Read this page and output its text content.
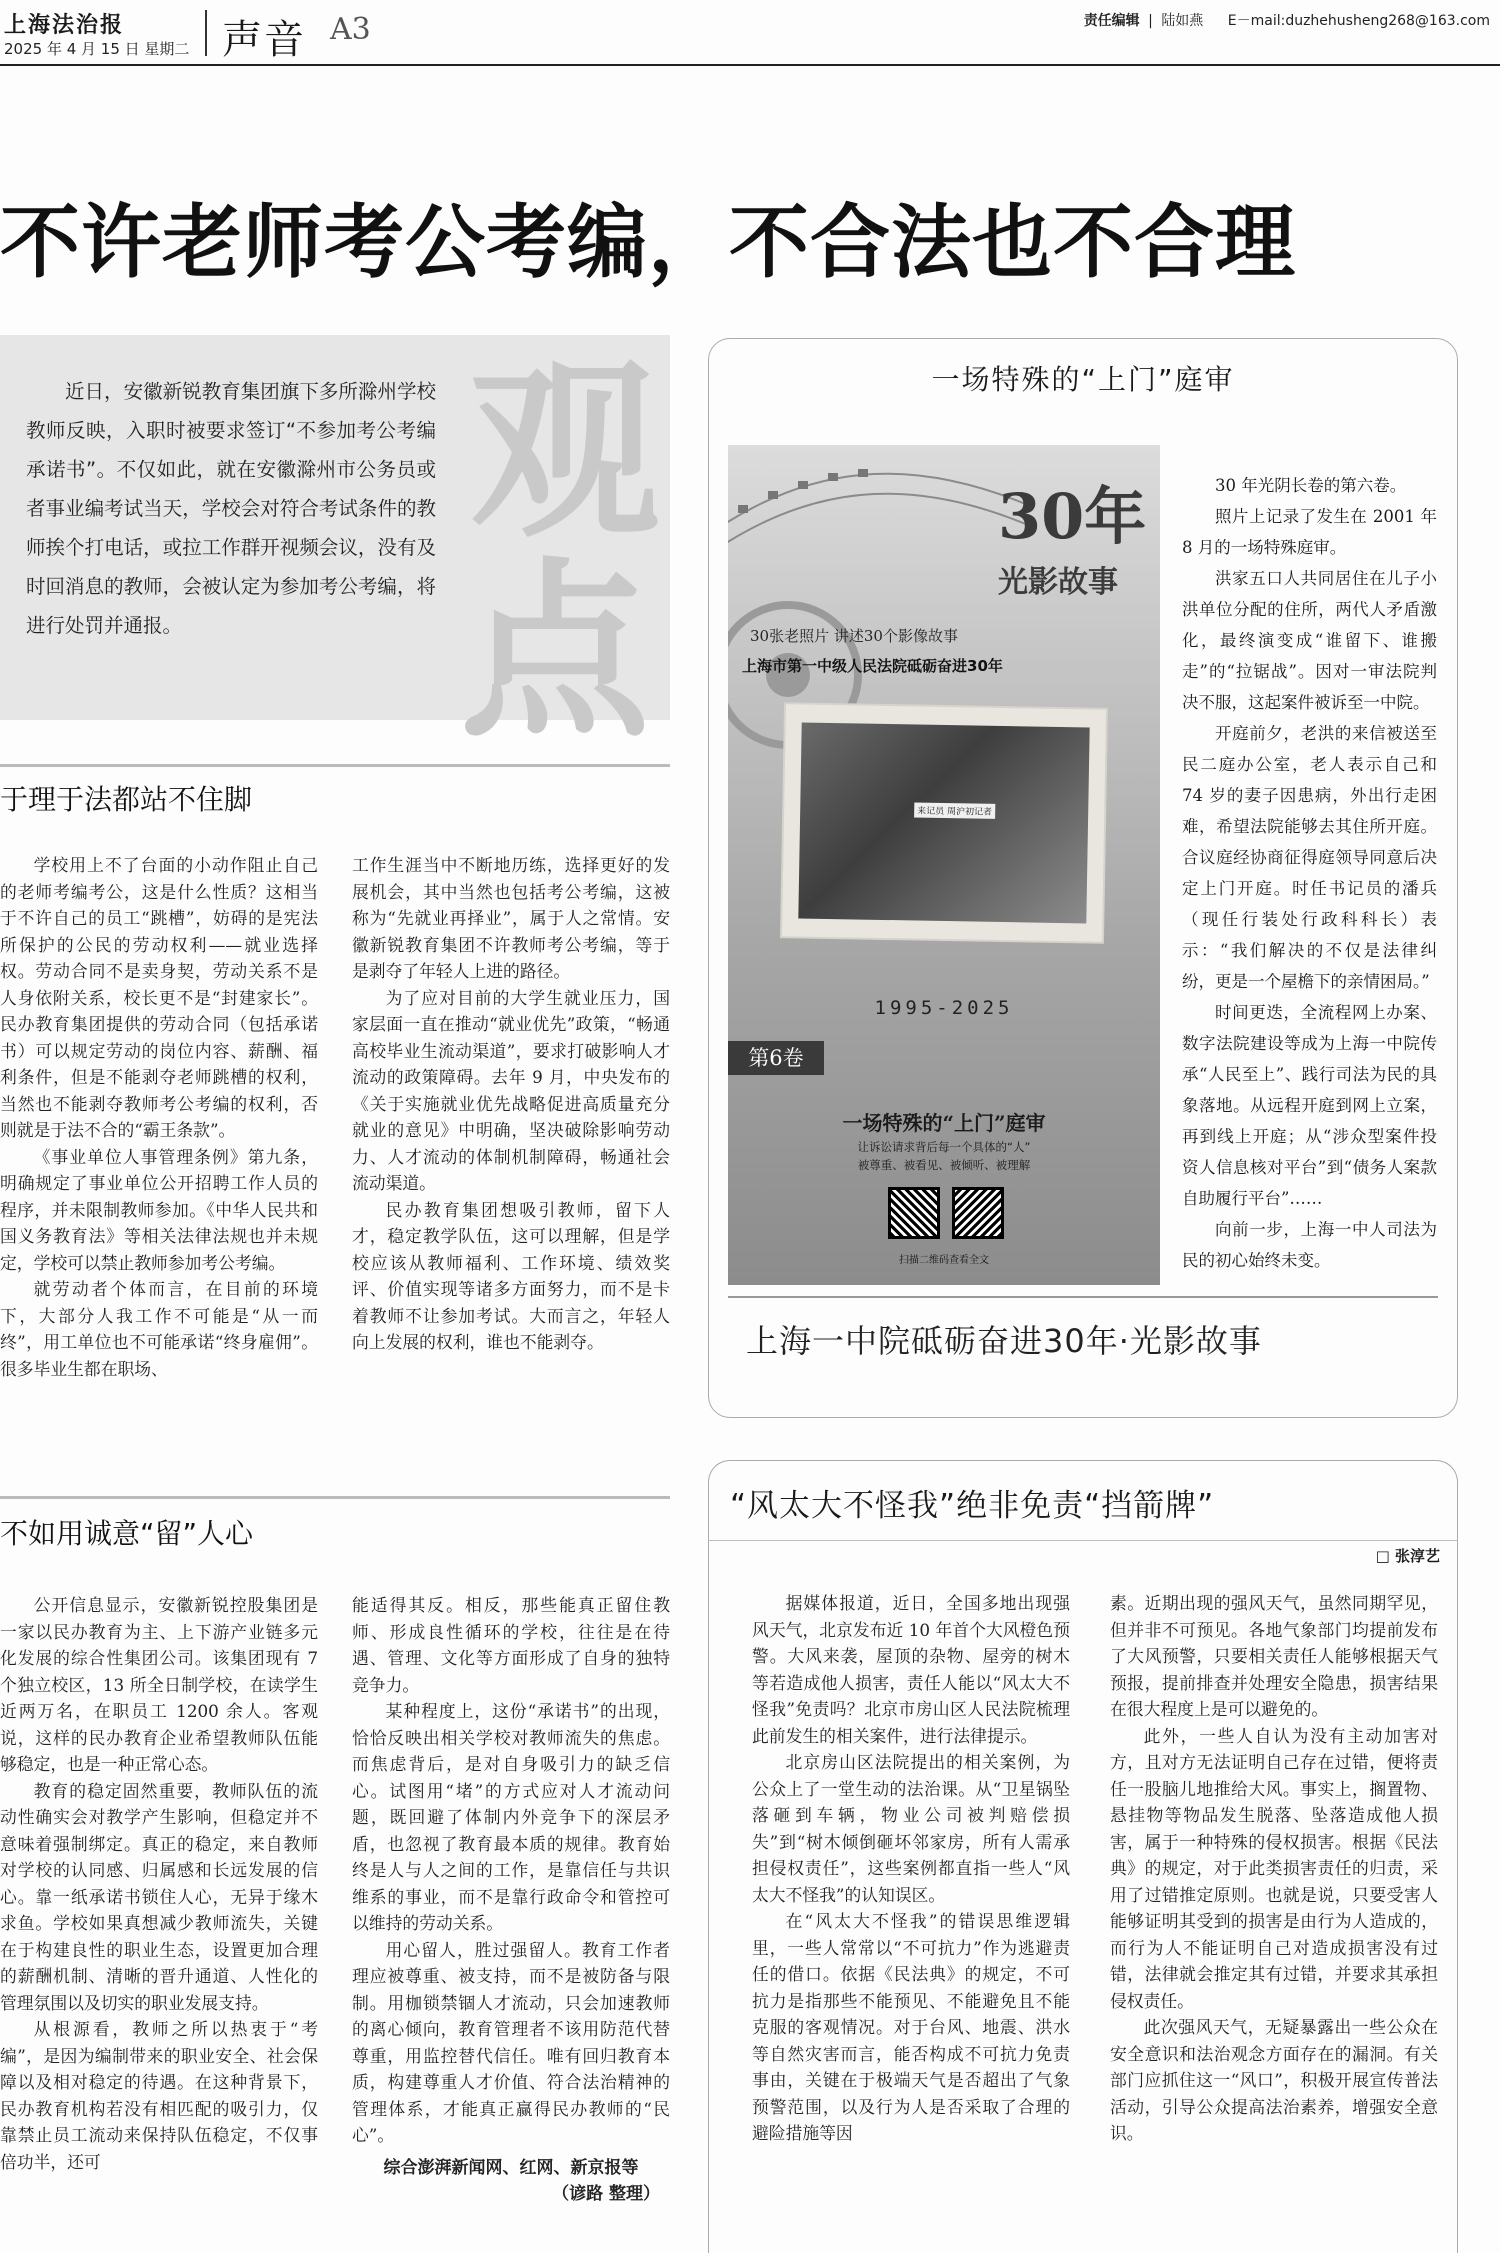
上海法治报
2025 年 4 月 15 日 星期二 声音 A3	责任编辑 | 陆如燕 E－mail:duzhehusheng268@163.com
不许老师考公考编，不合法也不合理
观
点

近日，安徽新锐教育集团旗下多所滁州学校教师反映，入职时被要求签订“不参加考公考编承诺书”。不仅如此，就在安徽滁州市公务员或者事业编考试当天，学校会对符合考试条件的教师挨个打电话，或拉工作群开视频会议，没有及时回消息的教师，会被认定为参加考公考编，将进行处罚并通报。

于理于法都站不住脚

学校用上不了台面的小动作阻止自己的老师考编考公，这是什么性质？这相当于不许自己的员工“跳槽”，妨碍的是宪法所保护的公民的劳动权利——就业选择权。劳动合同不是卖身契，劳动关系不是人身依附关系，校长更不是“封建家长”。民办教育集团提供的劳动合同（包括承诺书）可以规定劳动的岗位内容、薪酬、福利条件，但是不能剥夺老师跳槽的权利，当然也不能剥夺教师考公考编的权利，否则就是于法不合的“霸王条款”。

《事业单位人事管理条例》第九条，明确规定了事业单位公开招聘工作人员的程序，并未限制教师参加。《中华人民共和国义务教育法》等相关法律法规也并未规定，学校可以禁止教师参加考公考编。

就劳动者个体而言，在目前的环境下，大部分人我工作不可能是“从一而终”，用工单位也不可能承诺“终身雇佣”。很多毕业生都在职场、

工作生涯当中不断地历练，选择更好的发展机会，其中当然也包括考公考编，这被称为“先就业再择业”，属于人之常情。安徽新锐教育集团不许教师考公考编，等于是剥夺了年轻人上进的路径。

为了应对目前的大学生就业压力，国家层面一直在推动“就业优先”政策，“畅通高校毕业生流动渠道”，要求打破影响人才流动的政策障碍。去年 9 月，中央发布的《关于实施就业优先战略促进高质量充分就业的意见》中明确，坚决破除影响劳动力、人才流动的体制机制障碍，畅通社会流动渠道。

民办教育集团想吸引教师，留下人才，稳定教学队伍，这可以理解，但是学校应该从教师福利、工作环境、绩效奖评、价值实现等诸多方面努力，而不是卡着教师不让参加考试。大而言之，年轻人向上发展的权利，谁也不能剥夺。

不如用诚意“留”人心

公开信息显示，安徽新锐控股集团是一家以民办教育为主、上下游产业链多元化发展的综合性集团公司。该集团现有 7 个独立校区，13 所全日制学校，在读学生近两万名，在职员工 1200 余人。客观说，这样的民办教育企业希望教师队伍能够稳定，也是一种正常心态。

教育的稳定固然重要，教师队伍的流动性确实会对教学产生影响，但稳定并不意味着强制绑定。真正的稳定，来自教师对学校的认同感、归属感和长远发展的信心。靠一纸承诺书锁住人心，无异于缘木求鱼。学校如果真想减少教师流失，关键在于构建良性的职业生态，设置更加合理的薪酬机制、清晰的晋升通道、人性化的管理氛围以及切实的职业发展支持。

从根源看，教师之所以热衷于“考编”，是因为编制带来的职业安全、社会保障以及相对稳定的待遇。在这种背景下，民办教育机构若没有相匹配的吸引力，仅靠禁止员工流动来保持队伍稳定，不仅事倍功半，还可

能适得其反。相反，那些能真正留住教师、形成良性循环的学校，往往是在待遇、管理、文化等方面形成了自身的独特竞争力。

某种程度上，这份“承诺书”的出现，恰恰反映出相关学校对教师流失的焦虑。而焦虑背后，是对自身吸引力的缺乏信心。试图用“堵”的方式应对人才流动问题，既回避了体制内外竞争下的深层矛盾，也忽视了教育最本质的规律。教育始终是人与人之间的工作，是靠信任与共识维系的事业，而不是靠行政命令和管控可以维持的劳动关系。

用心留人，胜过强留人。教育工作者理应被尊重、被支持，而不是被防备与限制。用枷锁禁锢人才流动，只会加速教师的离心倾向，教育管理者不该用防范代替尊重，用监控替代信任。唯有回归教育本质，构建尊重人才价值、符合法治精神的管理体系，才能真正赢得民办教师的“民心”。

综合澎湃新闻网、红网、新京报等
（谚路 整理）
一场特殊的“上门”庭审
30年
光影故事
30张老照片 讲述30个影像故事
上海市第一中级人民法院砥砺奋进30年
来记员 周沪初记者
1995-2025
第6卷
一场特殊的“上门”庭审
让诉讼请求背后每一个具体的“人”
被尊重、被看见、被倾听、被理解
扫描二维码查看全文

30 年光阴长卷的第六卷。

照片上记录了发生在 2001 年 8 月的一场特殊庭审。

洪家五口人共同居住在儿子小洪单位分配的住所，两代人矛盾激化，最终演变成“谁留下、谁搬走”的“拉锯战”。因对一审法院判决不服，这起案件被诉至一中院。

开庭前夕，老洪的来信被送至民二庭办公室，老人表示自己和 74 岁的妻子因患病，外出行走困难，希望法院能够去其住所开庭。合议庭经协商征得庭领导同意后决定上门开庭。时任书记员的潘兵（现任行装处行政科科长）表示：“我们解决的不仅是法律纠纷，更是一个屋檐下的亲情困局。”

时间更迭，全流程网上办案、数字法院建设等成为上海一中院传承“人民至上”、践行司法为民的具象落地。从远程开庭到网上立案，再到线上开庭；从“涉众型案件投资人信息核对平台”到“债务人案款自助履行平台”……

向前一步，上海一中人司法为民的初心始终未变。

上海一中院砥砺奋进30年·光影故事
“风太大不怪我”绝非免责“挡箭牌”
□ 张淳艺

据媒体报道，近日，全国多地出现强风天气，北京发布近 10 年首个大风橙色预警。大风来袭，屋顶的杂物、屋旁的树木等若造成他人损害，责任人能以“风太大不怪我”免责吗？北京市房山区人民法院梳理此前发生的相关案件，进行法律提示。

北京房山区法院提出的相关案例，为公众上了一堂生动的法治课。从“卫星锅坠落砸到车辆，物业公司被判赔偿损失”到“树木倾倒砸坏邻家房，所有人需承担侵权责任”，这些案例都直指一些人“风太大不怪我”的认知误区。

在“风太大不怪我”的错误思维逻辑里，一些人常常以“不可抗力”作为逃避责任的借口。依据《民法典》的规定，不可抗力是指那些不能预见、不能避免且不能克服的客观情况。对于台风、地震、洪水等自然灾害而言，能否构成不可抗力免责事由，关键在于极端天气是否超出了气象预警范围，以及行为人是否采取了合理的避险措施等因

素。近期出现的强风天气，虽然同期罕见，但并非不可预见。各地气象部门均提前发布了大风预警，只要相关责任人能够根据天气预报，提前排查并处理安全隐患，损害结果在很大程度上是可以避免的。

此外，一些人自认为没有主动加害对方，且对方无法证明自己存在过错，便将责任一股脑儿地推给大风。事实上，搁置物、悬挂物等物品发生脱落、坠落造成他人损害，属于一种特殊的侵权损害。根据《民法典》的规定，对于此类损害责任的归责，采用了过错推定原则。也就是说，只要受害人能够证明其受到的损害是由行为人造成的，而行为人不能证明自己对造成损害没有过错，法律就会推定其有过错，并要求其承担侵权责任。

此次强风天气，无疑暴露出一些公众在安全意识和法治观念方面存在的漏洞。有关部门应抓住这一“风口”，积极开展宣传普法活动，引导公众提高法治素养，增强安全意识。
